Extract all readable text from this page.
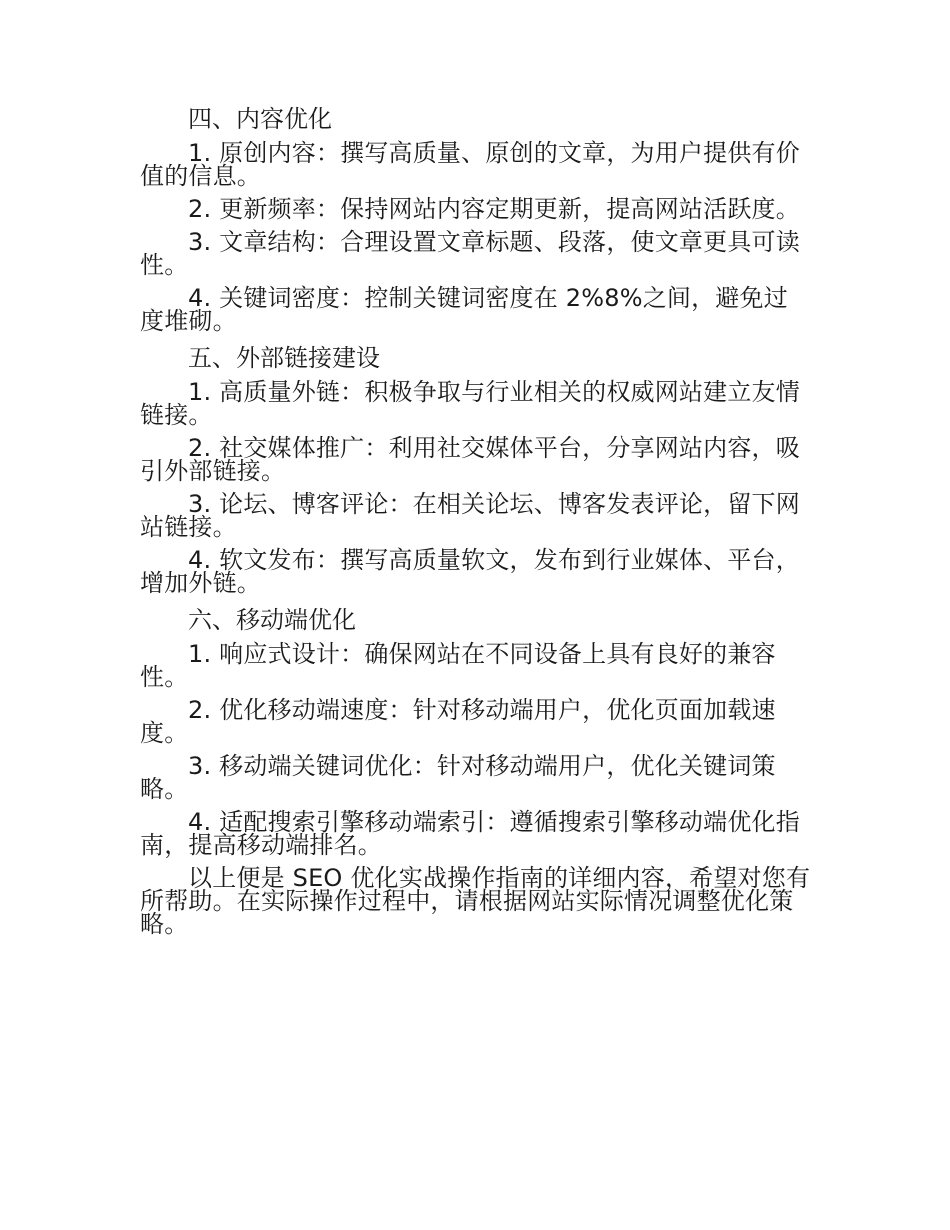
四、内容优化

1. 原创内容：撰写高质量、原创的文章，为用户提供有价值的信息。

2. 更新频率：保持网站内容定期更新，提高网站活跃度。

3. 文章结构：合理设置文章标题、段落，使文章更具可读性。

4. 关键词密度：控制关键词密度在 2%8%之间，避免过度堆砌。

五、外部链接建设

1. 高质量外链：积极争取与行业相关的权威网站建立友情链接。

2. 社交媒体推广：利用社交媒体平台，分享网站内容，吸引外部链接。

3. 论坛、博客评论：在相关论坛、博客发表评论，留下网站链接。

4. 软文发布：撰写高质量软文，发布到行业媒体、平台，增加外链。

六、移动端优化

1. 响应式设计：确保网站在不同设备上具有良好的兼容性。

2. 优化移动端速度：针对移动端用户，优化页面加载速度。

3. 移动端关键词优化：针对移动端用户，优化关键词策略。

4. 适配搜索引擎移动端索引：遵循搜索引擎移动端优化指南，提高移动端排名。

以上便是 SEO 优化实战操作指南的详细内容，希望对您有所帮助。在实际操作过程中，请根据网站实际情况调整优化策略。
